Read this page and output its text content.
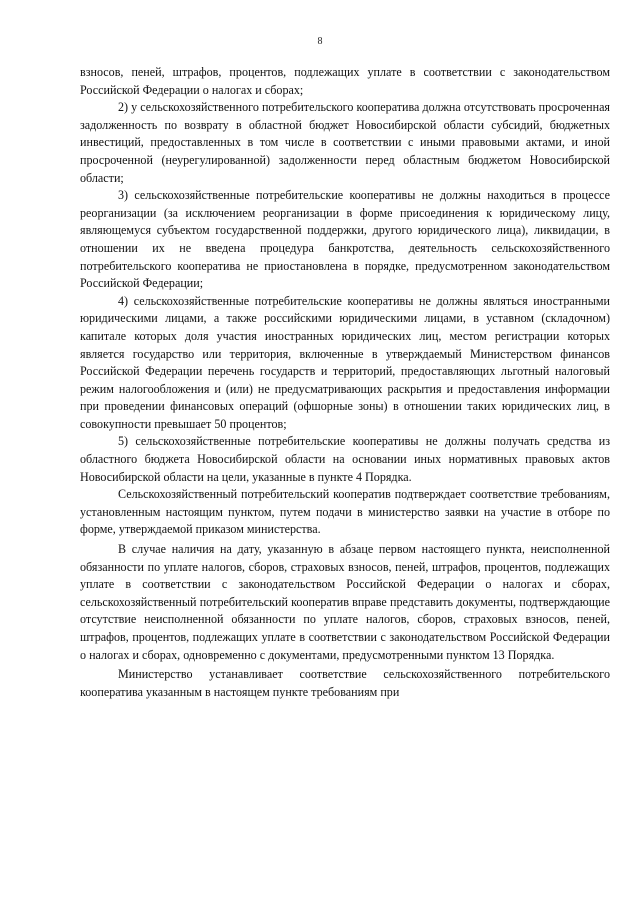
8

взносов, пеней, штрафов, процентов, подлежащих уплате в соответствии с законодательством Российской Федерации о налогах и сборах;

2) у сельскохозяйственного потребительского кооператива должна отсутствовать просроченная задолженность по возврату в областной бюджет Новосибирской области субсидий, бюджетных инвестиций, предоставленных в том числе в соответствии с иными правовыми актами, и иной просроченной (неурегулированной) задолженности перед областным бюджетом Новосибирской области;

3) сельскохозяйственные потребительские кооперативы не должны находиться в процессе реорганизации (за исключением реорганизации в форме присоединения к юридическому лицу, являющемуся субъектом государственной поддержки, другого юридического лица), ликвидации, в отношении их не введена процедура банкротства, деятельность сельскохозяйственного потребительского кооператива не приостановлена в порядке, предусмотренном законодательством Российской Федерации;

4) сельскохозяйственные потребительские кооперативы не должны являться иностранными юридическими лицами, а также российскими юридическими лицами, в уставном (складочном) капитале которых доля участия иностранных юридических лиц, местом регистрации которых является государство или территория, включенные в утверждаемый Министерством финансов Российской Федерации перечень государств и территорий, предоставляющих льготный налоговый режим налогообложения и (или) не предусматривающих раскрытия и предоставления информации при проведении финансовых операций (офшорные зоны) в отношении таких юридических лиц, в совокупности превышает 50 процентов;

5) сельскохозяйственные потребительские кооперативы не должны получать средства из областного бюджета Новосибирской области на основании иных нормативных правовых актов Новосибирской области на цели, указанные в пункте 4 Порядка.

Сельскохозяйственный потребительский кооператив подтверждает соответствие требованиям, установленным настоящим пунктом, путем подачи в министерство заявки на участие в отборе по форме, утверждаемой приказом министерства.

В случае наличия на дату, указанную в абзаце первом настоящего пункта, неисполненной обязанности по уплате налогов, сборов, страховых взносов, пеней, штрафов, процентов, подлежащих уплате в соответствии с законодательством Российской Федерации о налогах и сборах, сельскохозяйственный потребительский кооператив вправе представить документы, подтверждающие отсутствие неисполненной обязанности по уплате налогов, сборов, страховых взносов, пеней, штрафов, процентов, подлежащих уплате в соответствии с законодательством Российской Федерации о налогах и сборах, одновременно с документами, предусмотренными пунктом 13 Порядка.

Министерство устанавливает соответствие сельскохозяйственного потребительского кооператива указанным в настоящем пункте требованиям при
